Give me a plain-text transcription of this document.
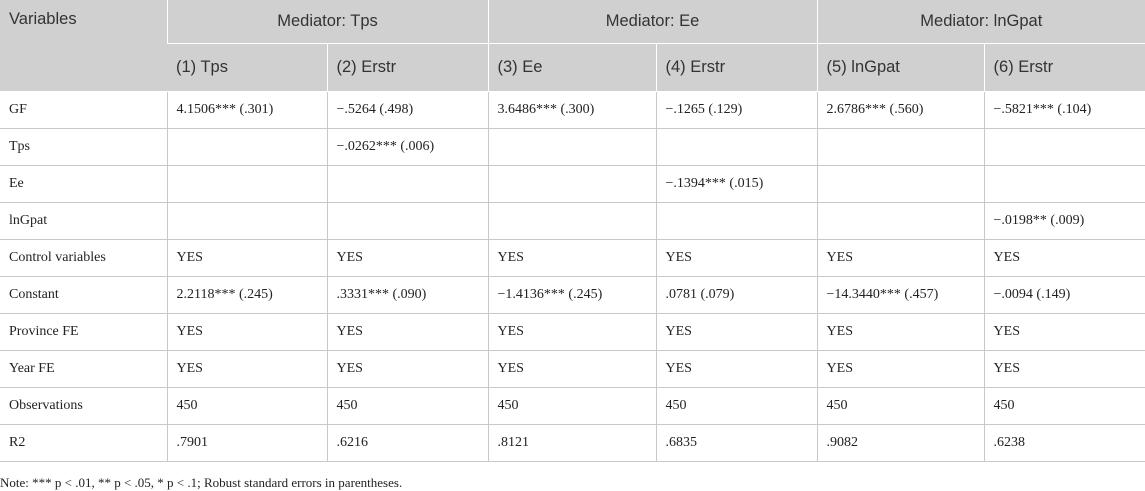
Variables	Mediator: Tps		Mediator: Ee		Mediator: lnGpat	
	(1) Tps	(2) Erstr	(3) Ee	(4) Erstr	(5) lnGpat	(6) Erstr
GF	4.1506*** (.301)	−.5264 (.498)	3.6486*** (.300)	−.1265 (.129)	2.6786*** (.560)	−.5821*** (.104)
Tps		−.0262*** (.006)				
Ee				−.1394*** (.015)		
lnGpat						−.0198** (.009)
Control variables	YES	YES	YES	YES	YES	YES
Constant	2.2118*** (.245)	.3331*** (.090)	−1.4136*** (.245)	.0781 (.079)	−14.3440*** (.457)	−.0094 (.149)
Province FE	YES	YES	YES	YES	YES	YES
Year FE	YES	YES	YES	YES	YES	YES
Observations	450	450	450	450	450	450
R2	.7901	.6216	.8121	.6835	.9082	.6238
Note: *** p < .01, ** p < .05, * p < .1; Robust standard errors in parentheses.
